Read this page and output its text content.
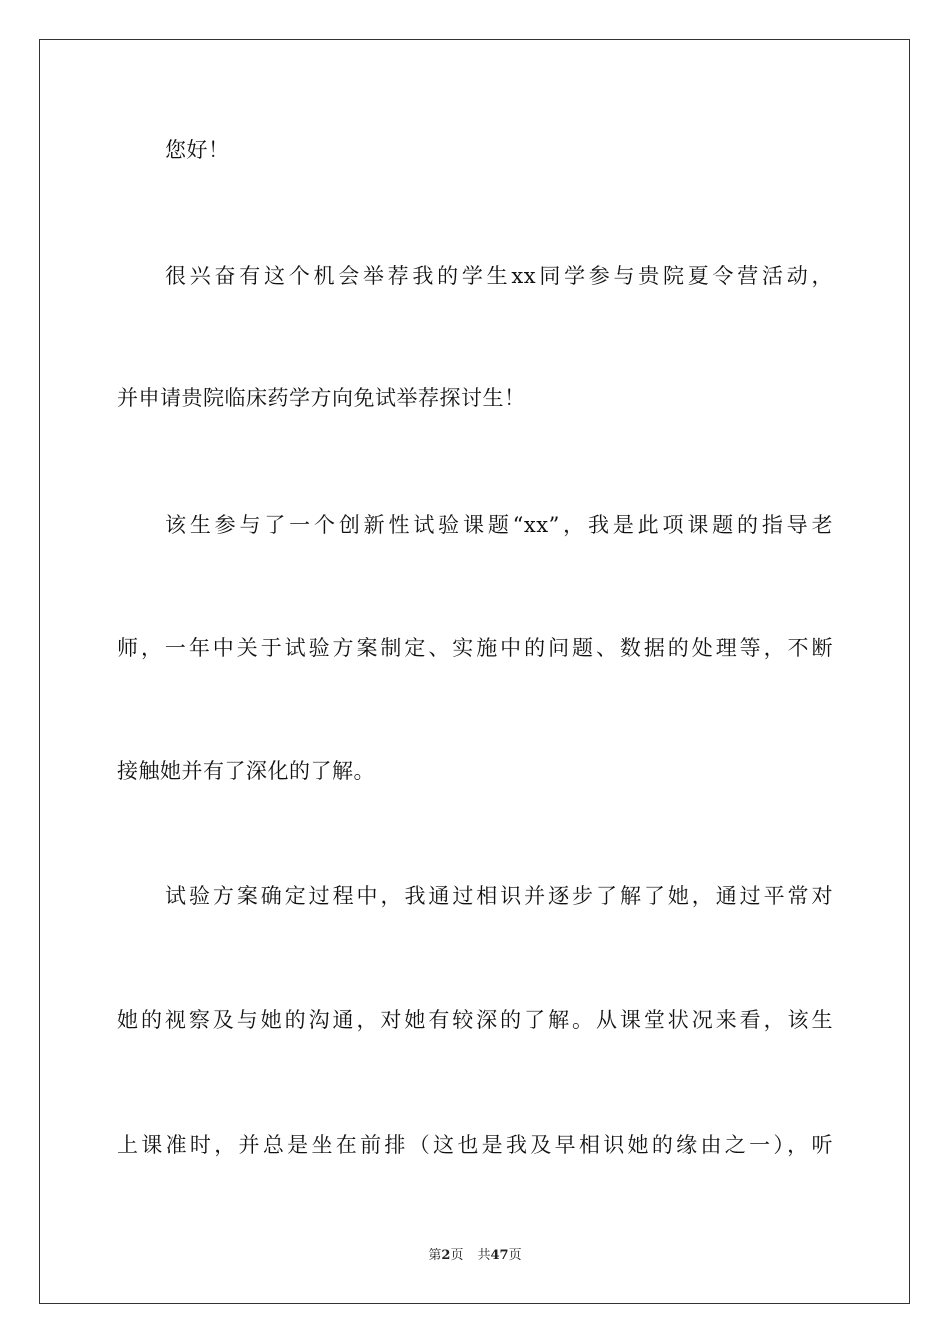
您好！
很兴奋有这个机会举荐我的学生xx同学参与贵院夏令营活动，
并申请贵院临床药学方向免试举荐探讨生！
该生参与了一个创新性试验课题“xx”，我是此项课题的指导老
师，一年中关于试验方案制定、实施中的问题、数据的处理等，不断
接触她并有了深化的了解。
试验方案确定过程中，我通过相识并逐步了解了她，通过平常对
她的视察及与她的沟通，对她有较深的了解。从课堂状况来看，该生
上课准时，并总是坐在前排（这也是我及早相识她的缘由之一），听
第2页 共47页
